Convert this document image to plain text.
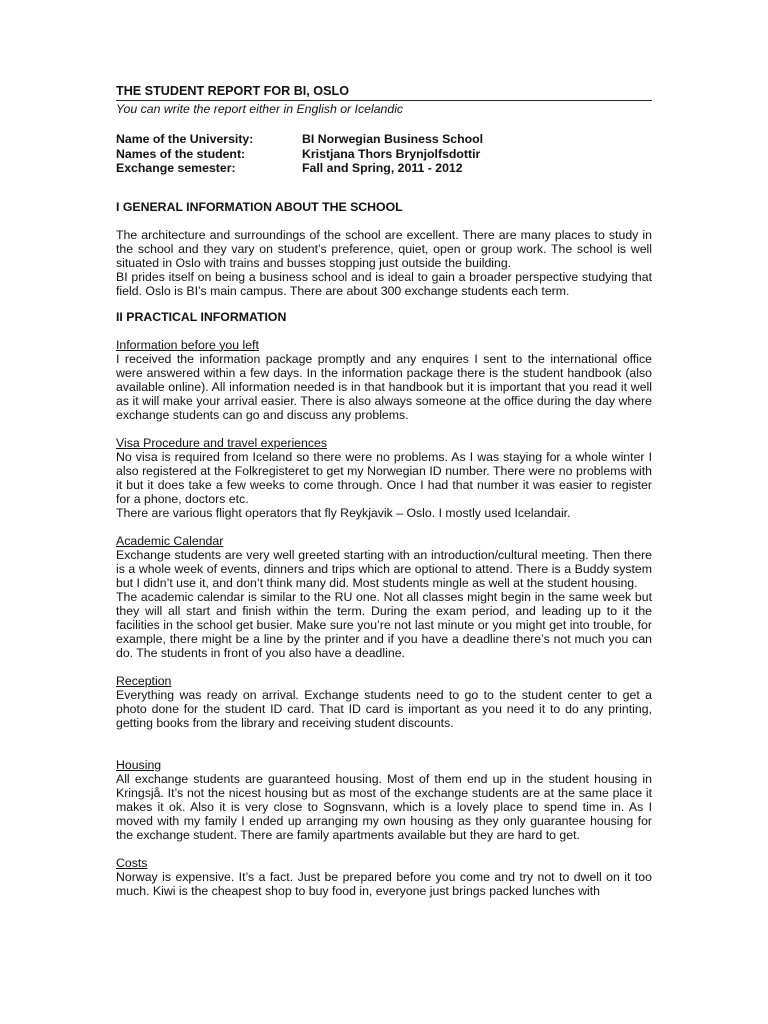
THE STUDENT REPORT FOR BI, OSLO
You can write the report either in English or Icelandic
Name of the University:	BI Norwegian Business School
Names of the student:	Kristjana Thors Brynjolfsdottir
Exchange semester:	Fall and Spring, 2011 - 2012
I GENERAL INFORMATION ABOUT THE SCHOOL

The architecture and surroundings of the school are excellent. There are many places to study in the school and they vary on student’s preference, quiet, open or group work. The school is well situated in Oslo with trains and busses stopping just outside the building.

BI prides itself on being a business school and is ideal to gain a broader perspective studying that field. Oslo is BI’s main campus. There are about 300 exchange students each term.

II PRACTICAL INFORMATION

Information before you left

I received the information package promptly and any enquires I sent to the international office were answered within a few days. In the information package there is the student handbook (also available online). All information needed is in that handbook but it is important that you read it well as it will make your arrival easier. There is also always someone at the office during the day where exchange students can go and discuss any problems.

Visa Procedure and travel experiences

No visa is required from Iceland so there were no problems. As I was staying for a whole winter I also registered at the Folkregisteret to get my Norwegian ID number. There were no problems with it but it does take a few weeks to come through. Once I had that number it was easier to register for a phone, doctors etc.

There are various flight operators that fly Reykjavik – Oslo. I mostly used Icelandair.

Academic Calendar

Exchange students are very well greeted starting with an introduction/cultural meeting. Then there is a whole week of events, dinners and trips which are optional to attend. There is a Buddy system but I didn’t use it, and don’t think many did. Most students mingle as well at the student housing.

The academic calendar is similar to the RU one. Not all classes might begin in the same week but they will all start and finish within the term. During the exam period, and leading up to it the facilities in the school get busier. Make sure you’re not last minute or you might get into trouble, for example, there might be a line by the printer and if you have a deadline there’s not much you can do. The students in front of you also have a deadline.

Reception

Everything was ready on arrival. Exchange students need to go to the student center to get a photo done for the student ID card. That ID card is important as you need it to do any printing, getting books from the library and receiving student discounts.

Housing

All exchange students are guaranteed housing. Most of them end up in the student housing in Kringsjå. It’s not the nicest housing but as most of the exchange students are at the same place it makes it ok. Also it is very close to Sognsvann, which is a lovely place to spend time in. As I moved with my family I ended up arranging my own housing as they only guarantee housing for the exchange student. There are family apartments available but they are hard to get.

Costs

Norway is expensive. It’s a fact. Just be prepared before you come and try not to dwell on it too much. Kiwi is the cheapest shop to buy food in, everyone just brings packed lunches with
